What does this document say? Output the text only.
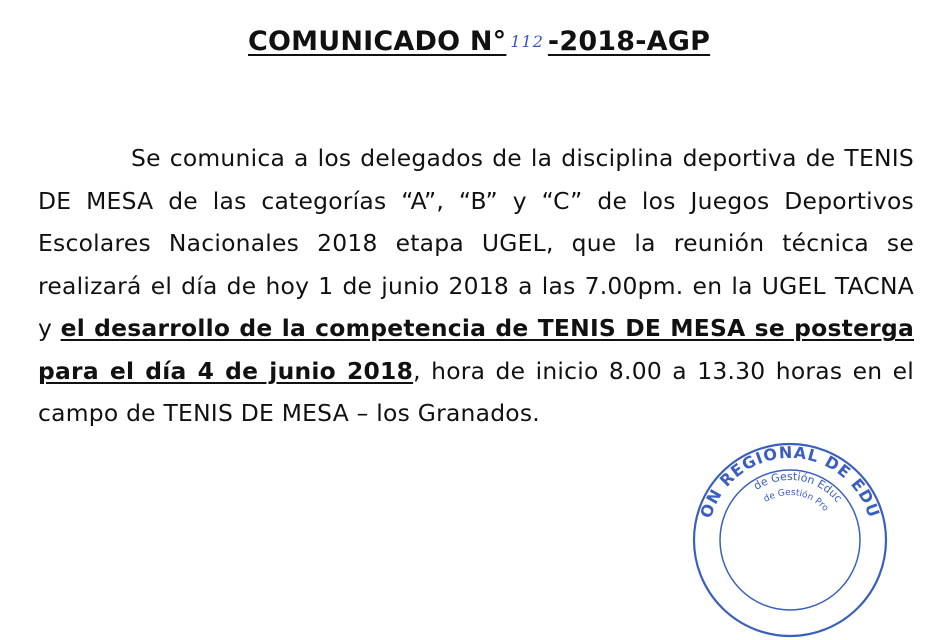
COMUNICADO N° 112 -2018-AGP

Se comunica a los delegados de la disciplina deportiva de TENIS DE MESA de las categorías “A”, “B” y “C” de los Juegos Deportivos Escolares Nacionales 2018 etapa UGEL, que la reunión técnica se realizará el día de hoy 1 de junio 2018 a las 7.00pm. en la UGEL TACNA y el desarrollo de la competencia de TENIS DE MESA se posterga para el día 4 de junio 2018, hora de inicio 8.00 a 13.30 horas en el campo de TENIS DE MESA – los Granados.

ON REGIONAL DE EDU
de Gestión Educ
de Gestión Pro
